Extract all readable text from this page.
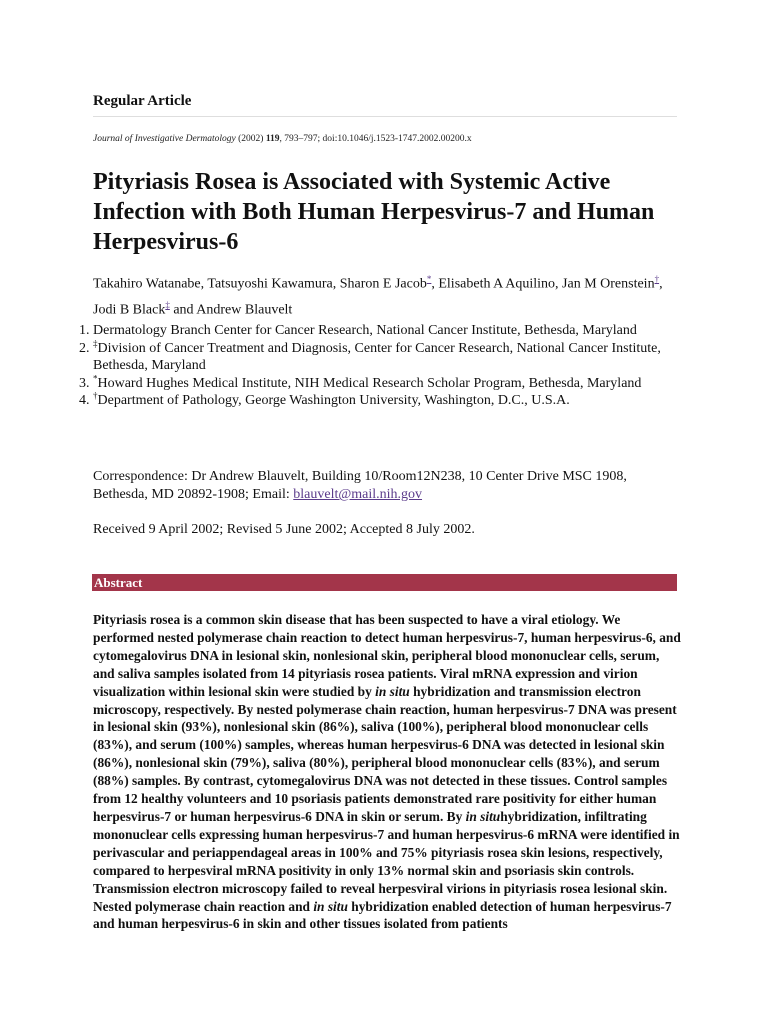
Regular Article
Journal of Investigative Dermatology (2002) 119, 793–797; doi:10.1046/j.1523-1747.2002.00200.x
Pityriasis Rosea is Associated with Systemic Active Infection with Both Human Herpesvirus-7 and Human Herpesvirus-6
Takahiro Watanabe, Tatsuyoshi Kawamura, Sharon E Jacob*, Elisabeth A Aquilino, Jan M Orenstein†, Jodi B Black‡ and Andrew Blauvelt
1. Dermatology Branch Center for Cancer Research, National Cancer Institute, Bethesda, Maryland
2. ‡Division of Cancer Treatment and Diagnosis, Center for Cancer Research, National Cancer Institute, Bethesda, Maryland
3. *Howard Hughes Medical Institute, NIH Medical Research Scholar Program, Bethesda, Maryland
4. †Department of Pathology, George Washington University, Washington, D.C., U.S.A.
Correspondence: Dr Andrew Blauvelt, Building 10/Room12N238, 10 Center Drive MSC 1908, Bethesda, MD 20892-1908; Email: blauvelt@mail.nih.gov
Received 9 April 2002; Revised 5 June 2002; Accepted 8 July 2002.
Abstract

Pityriasis rosea is a common skin disease that has been suspected to have a viral etiology. We performed nested polymerase chain reaction to detect human herpesvirus-7, human herpesvirus-6, and cytomegalovirus DNA in lesional skin, nonlesional skin, peripheral blood mononuclear cells, serum, and saliva samples isolated from 14 pityriasis rosea patients. Viral mRNA expression and virion visualization within lesional skin were studied by in situ hybridization and transmission electron microscopy, respectively. By nested polymerase chain reaction, human herpesvirus-7 DNA was present in lesional skin (93%), nonlesional skin (86%), saliva (100%), peripheral blood mononuclear cells (83%), and serum (100%) samples, whereas human herpesvirus-6 DNA was detected in lesional skin (86%), nonlesional skin (79%), saliva (80%), peripheral blood mononuclear cells (83%), and serum (88%) samples. By contrast, cytomegalovirus DNA was not detected in these tissues. Control samples from 12 healthy volunteers and 10 psoriasis patients demonstrated rare positivity for either human herpesvirus-7 or human herpesvirus-6 DNA in skin or serum. By in situhybridization, infiltrating mononuclear cells expressing human herpesvirus-7 and human herpesvirus-6 mRNA were identified in perivascular and periappendageal areas in 100% and 75% pityriasis rosea skin lesions, respectively, compared to herpesviral mRNA positivity in only 13% normal skin and psoriasis skin controls. Transmission electron microscopy failed to reveal herpesviral virions in pityriasis rosea lesional skin. Nested polymerase chain reaction and in situ hybridization enabled detection of human herpesvirus-7 and human herpesvirus-6 in skin and other tissues isolated from patients
